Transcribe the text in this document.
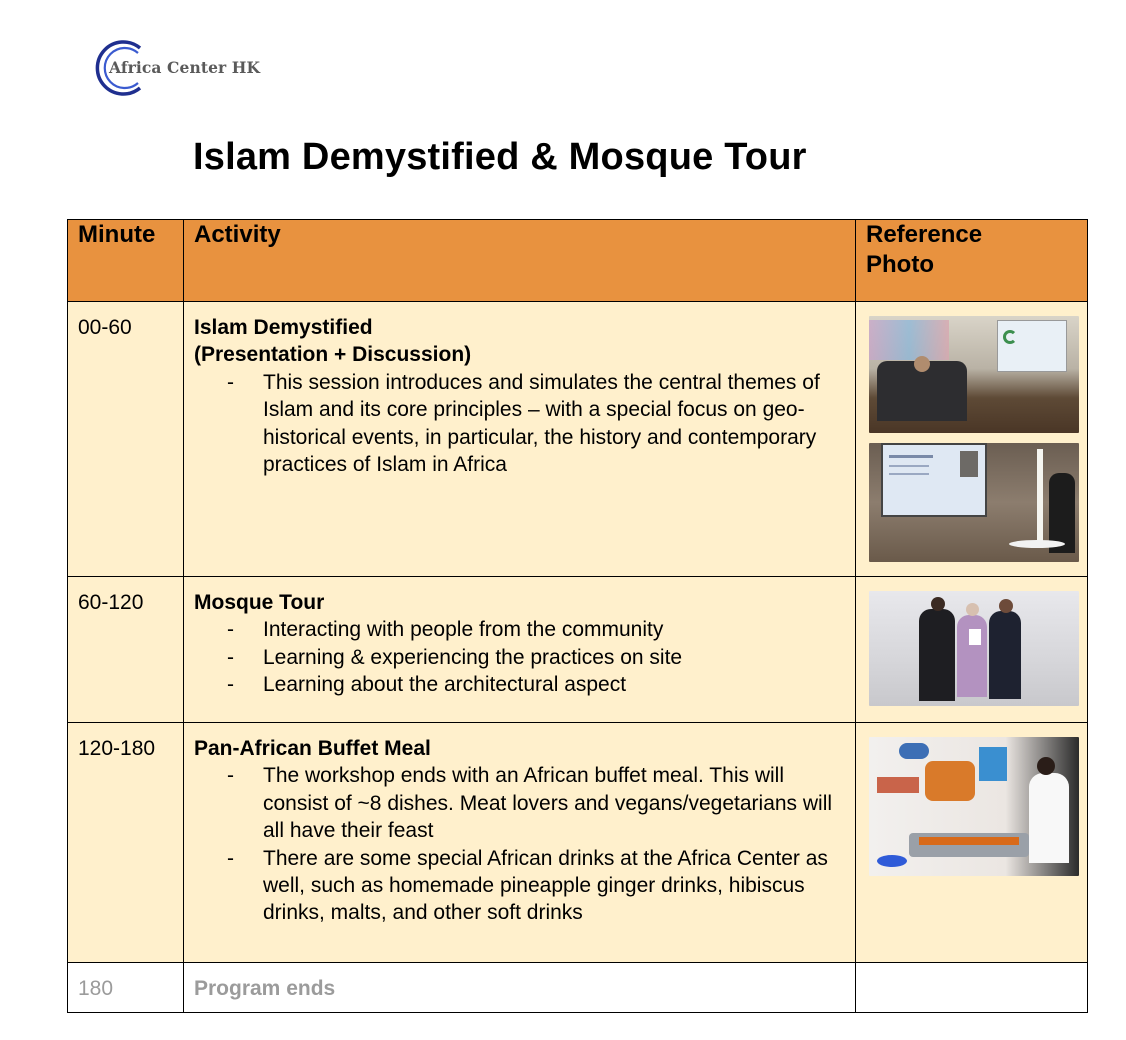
Africa Center HK
Islam Demystified & Mosque Tour
Minute	Activity	Reference Photo

00-60	Islam Demystified
(Presentation + Discussion)
- This session introduces and simulates the central themes of Islam and its core principles – with a special focus on geo-historical events, in particular, the history and contemporary practices of Islam in Africa

60-120	Mosque Tour
- Interacting with people from the community
- Learning & experiencing the practices on site
- Learning about the architectural aspect

120-180	Pan-African Buffet Meal
- The workshop ends with an African buffet meal. This will consist of ~8 dishes. Meat lovers and vegans/vegetarians will all have their feast
- There are some special African drinks at the Africa Center as well, such as homemade pineapple ginger drinks, hibiscus drinks, malts, and other soft drinks

180	Program ends	
